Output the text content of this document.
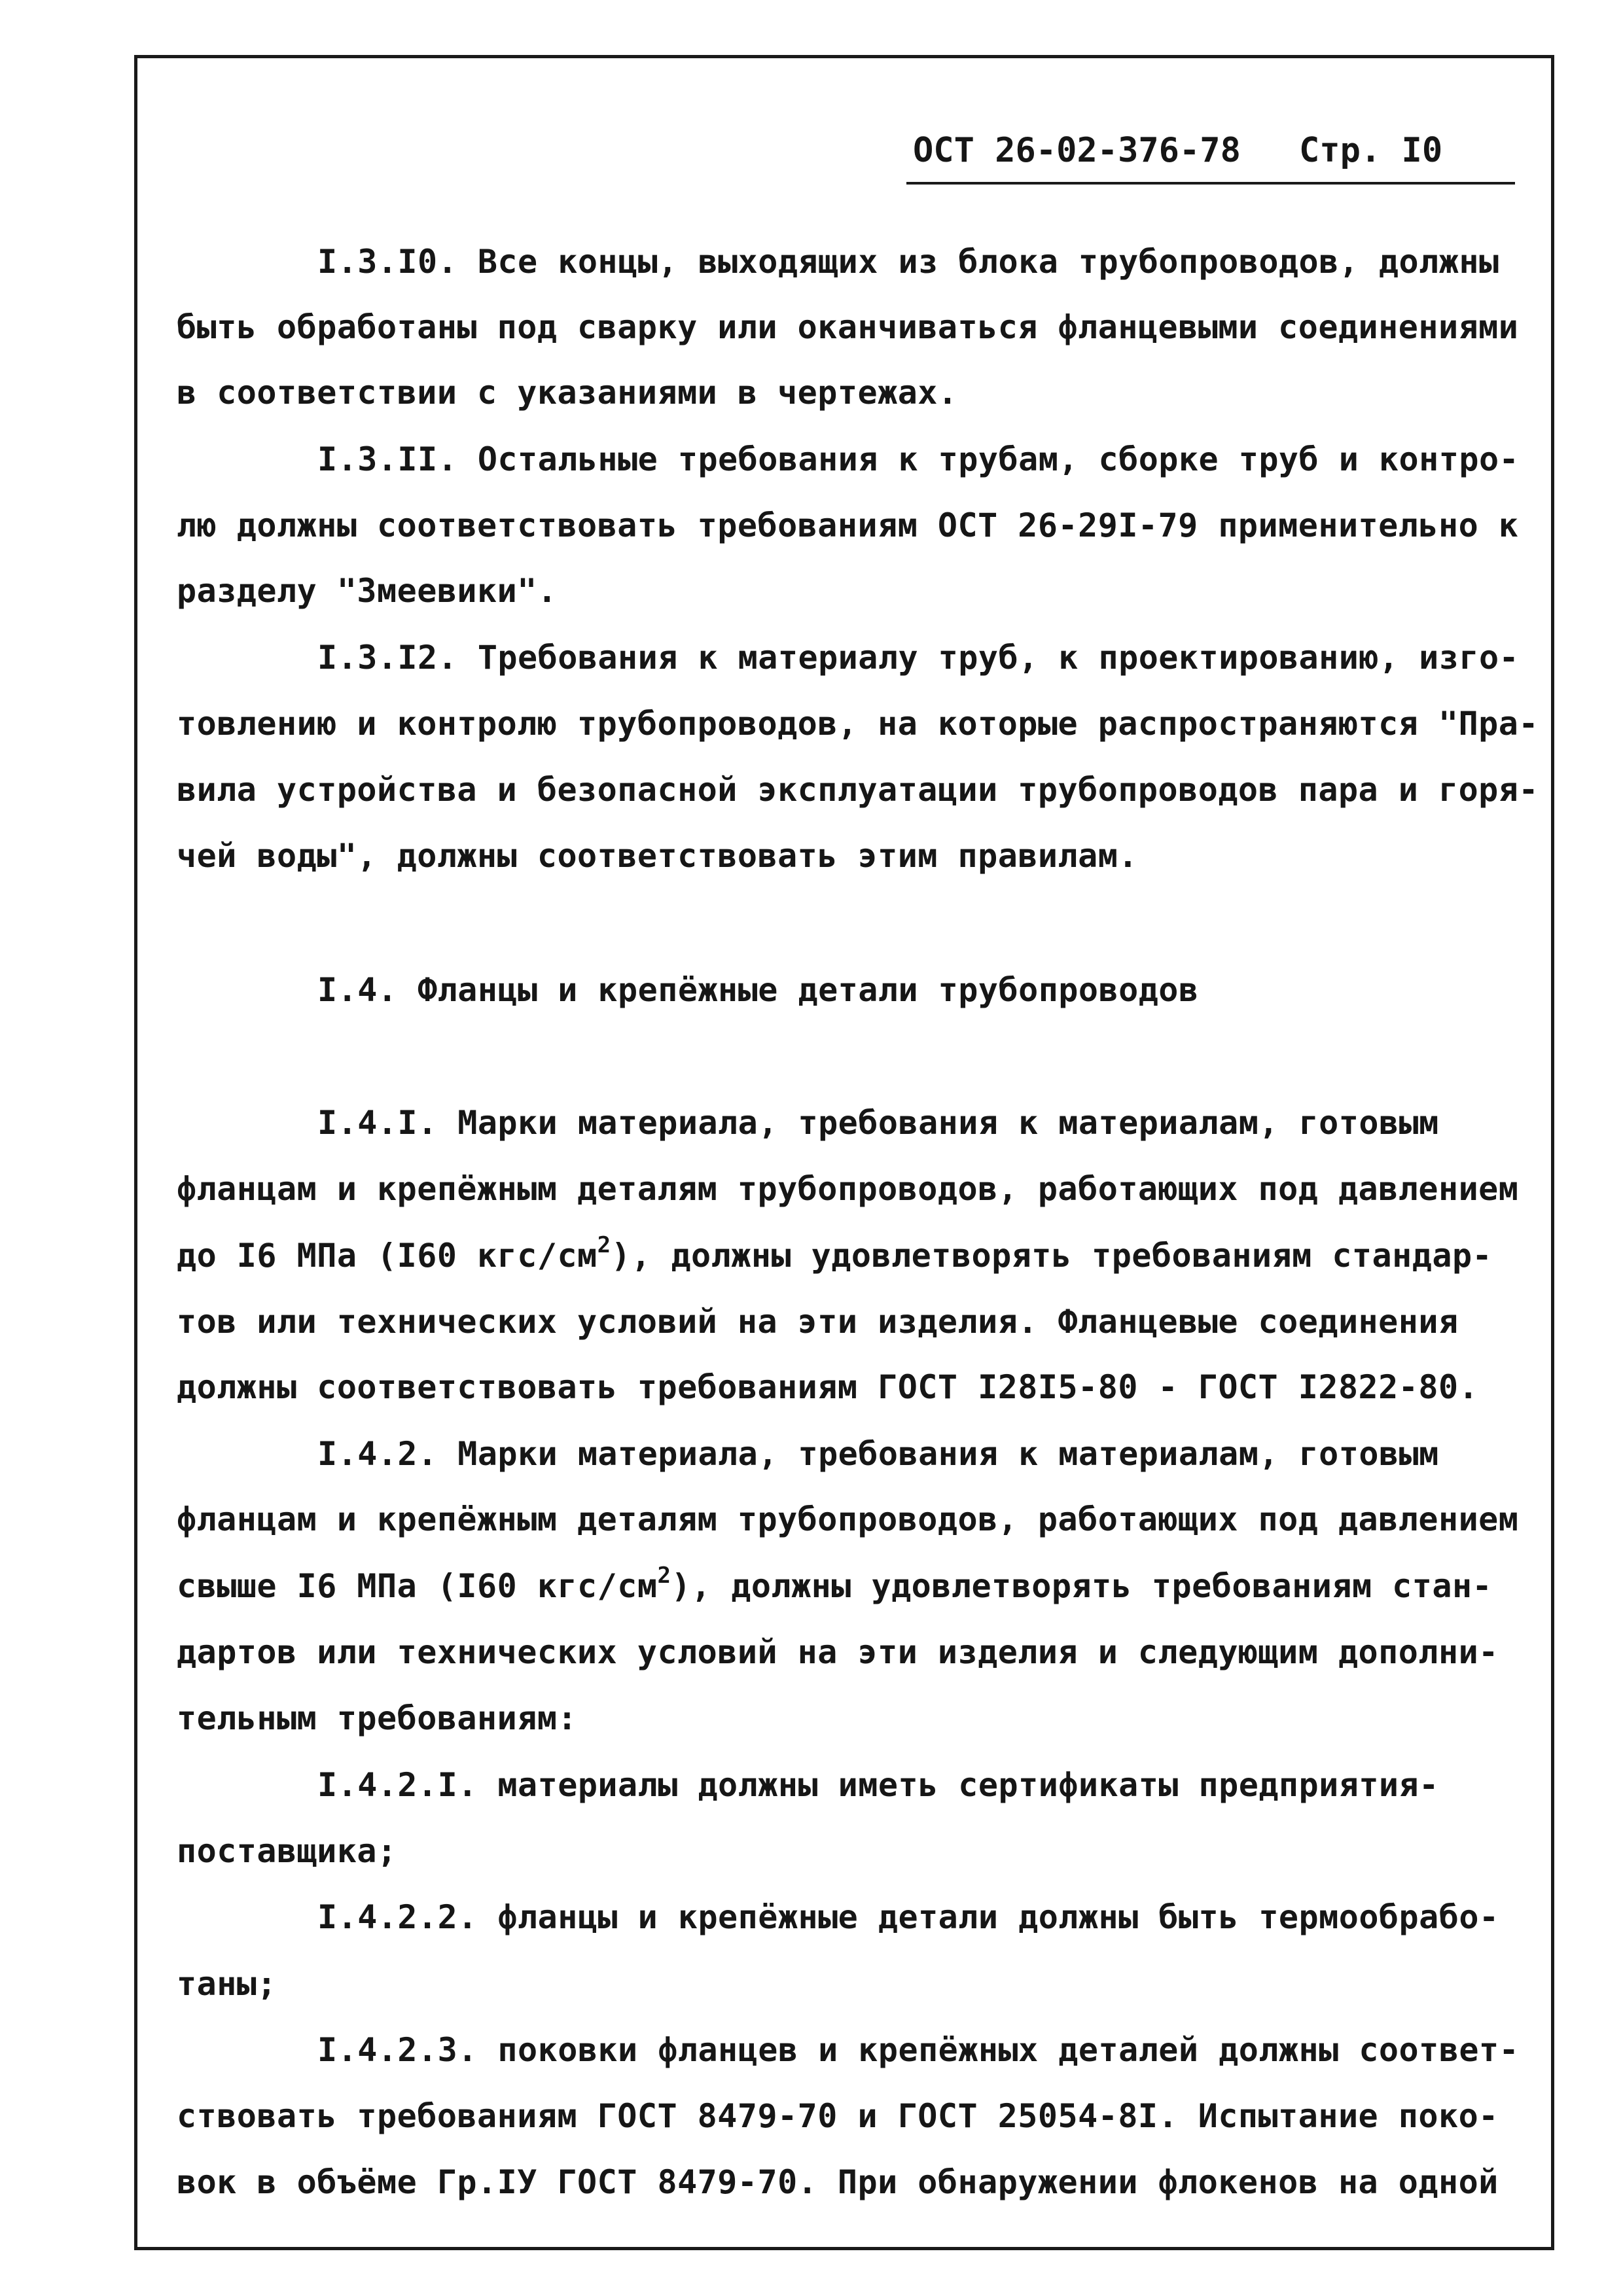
ОСТ 26-02-376-78 Стр. I0
I.3.I0. Все концы, выходящих из блока трубопроводов, должны
быть обработаны под сварку или оканчиваться фланцевыми соединениями
в соответствии с указаниями в чертежах.
I.3.II. Остальные требования к трубам, сборке труб и контро-
лю должны соответствовать требованиям ОСТ 26-29I-79 применительно к
разделу "Змеевики".
I.3.I2. Требования к материалу труб, к проектированию, изго-
товлению и контролю трубопроводов, на которые распространяются "Пра-
вила устройства и безопасной эксплуатации трубопроводов пара и горя-
чей воды", должны соответствовать этим правилам.
I.4. Фланцы и крепёжные детали трубопроводов
I.4.I. Марки материала, требования к материалам, готовым
фланцам и крепёжным деталям трубопроводов, работающих под давлением
до I6 МПа (I60 кгс/$см^2$), должны удовлетворять требованиям стандар-
тов или технических условий на эти изделия. Фланцевые соединения
должны соответствовать требованиям ГОСТ I28I5-80 - ГОСТ I2822-80.
I.4.2. Марки материала, требования к материалам, готовым
фланцам и крепёжным деталям трубопроводов, работающих под давлением
свыше I6 МПа (I60 кгс/$см^2$), должны удовлетворять требованиям стан-
дартов или технических условий на эти изделия и следующим дополни-
тельным требованиям:
I.4.2.I. материалы должны иметь сертификаты предприятия-
поставщика;
I.4.2.2. фланцы и крепёжные детали должны быть термообрабо-
таны;
I.4.2.3. поковки фланцев и крепёжных деталей должны соответ-
ствовать требованиям ГОСТ 8479-70 и ГОСТ 25054-8I. Испытание поко-
вок в объёме Гр.IУ ГОСТ 8479-70. При обнаружении флокенов на одной
